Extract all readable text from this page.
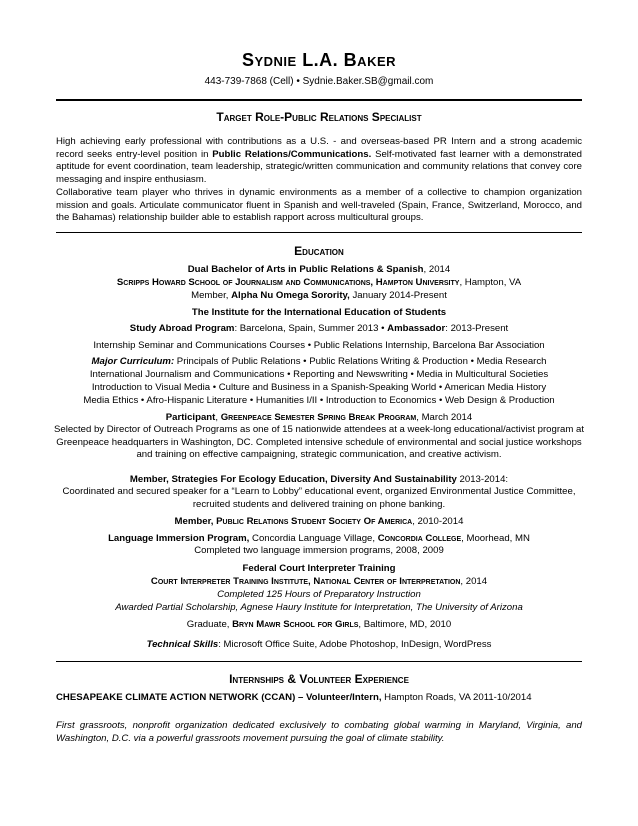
Sydnie L.A. Baker
443-739-7868 (Cell) • Sydnie.Baker.SB@gmail.com
Target Role-Public Relations Specialist
High achieving early professional with contributions as a U.S. - and overseas-based PR Intern and a strong academic record seeks entry-level position in Public Relations/Communications. Self-motivated fast learner with a demonstrated aptitude for event coordination, team leadership, strategic/written communication and community relations that convey core messaging and inspire enthusiasm.
Collaborative team player who thrives in dynamic environments as a member of a collective to champion organization mission and goals. Articulate communicator fluent in Spanish and well-traveled (Spain, France, Switzerland, Morocco, and the Bahamas) relationship builder able to establish rapport across multicultural groups.
Education
Dual Bachelor of Arts in Public Relations & Spanish, 2014
Scripps Howard School of Journalism and Communications, Hampton University, Hampton, VA
Member, Alpha Nu Omega Sorority, January 2014-Present
The Institute for the International Education of Students
Study Abroad Program: Barcelona, Spain, Summer 2013 • Ambassador: 2013-Present
Internship Seminar and Communications Courses • Public Relations Internship, Barcelona Bar Association
Major Curriculum: Principals of Public Relations • Public Relations Writing & Production • Media Research
International Journalism and Communications • Reporting and Newswriting • Media in Multicultural Societies
Introduction to Visual Media • Culture and Business in a Spanish-Speaking World • American Media History
Media Ethics • Afro-Hispanic Literature • Humanities I/II • Introduction to Economics • Web Design & Production
Participant, Greenpeace Semester Spring Break Program, March 2014
Selected by Director of Outreach Programs as one of 15 nationwide attendees at a week-long educational/activist program at Greenpeace headquarters in Washington, DC. Completed intensive schedule of environmental and social justice workshops and training on effective campaigning, strategic communication, and creative activism.
Member, Strategies For Ecology Education, Diversity And Sustainability 2013-2014:
Coordinated and secured speaker for a “Learn to Lobby” educational event, organized Environmental Justice Committee, recruited students and delivered training on phone banking.
Member, Public Relations Student Society Of America, 2010-2014
Language Immersion Program, Concordia Language Village, Concordia College, Moorhead, MN
Completed two language immersion programs, 2008, 2009
Federal Court Interpreter Training
Court Interpreter Training Institute, National Center of Interpretation, 2014
Completed 125 Hours of Preparatory Instruction
Awarded Partial Scholarship, Agnese Haury Institute for Interpretation, The University of Arizona
Graduate, Bryn Mawr School for Girls, Baltimore, MD, 2010
Technical Skills: Microsoft Office Suite, Adobe Photoshop, InDesign, WordPress
Internships & Volunteer Experience
CHESAPEAKE CLIMATE ACTION NETWORK (CCAN) – Volunteer/Intern, Hampton Roads, VA 2011-10/2014
First grassroots, nonprofit organization dedicated exclusively to combating global warming in Maryland, Virginia, and Washington, D.C. via a powerful grassroots movement pursuing the goal of climate stability.
